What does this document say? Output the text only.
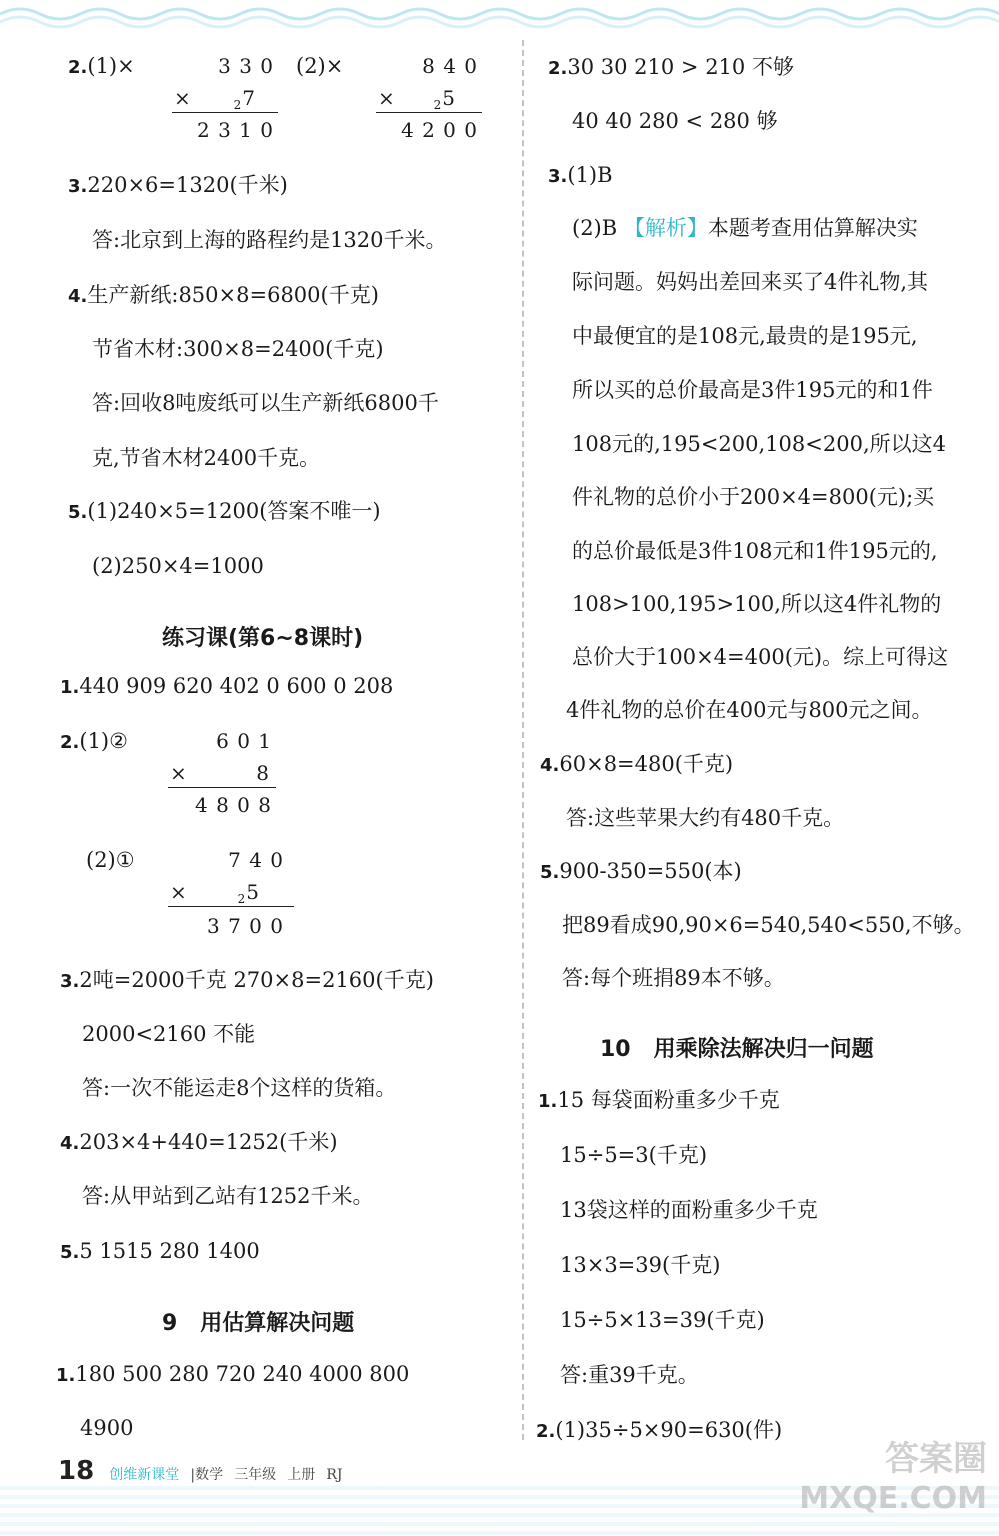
2.(1)×	3 3 0
×	$_2$7
2 3 1 0
(2)×	8 4 0
×	$_2$5
4 2 0 0
3.220×6=1320(千米)
答:北京到上海的路程约是1320千米。
4.生产新纸:850×8=6800(千克)
节省木材:300×8=2400(千克)
答:回收8吨废纸可以生产新纸6800千
克,节省木材2400千克。
5.(1)240×5=1200(答案不唯一)
(2)250×4=1000
练习课(第6~8课时)
1.440 909 620 402 0 600 0 208
2.(1)②	6 0 1
×	8
4 8 0 8
(2)①	7 4 0
×	$_2$5
3 7 0 0
3.2吨=2000千克 270×8=2160(千克)
2000<2160 不能
答:一次不能运走8个这样的货箱。
4.203×4+440=1252(千米)
答:从甲站到乙站有1252千米。
5.5 1515 280 1400
9 用估算解决问题
1.180 500 280 720 240 4000 800
4900
2.30 30 210 > 210 不够
40 40 280 < 280 够
3.(1)B
(2)B 【解析】本题考查用估算解决实
际问题。妈妈出差回来买了4件礼物,其
中最便宜的是108元,最贵的是195元,
所以买的总价最高是3件195元的和1件
108元的,195<200,108<200,所以这4
件礼物的总价小于200×4=800(元);买
的总价最低是3件108元和1件195元的,
108>100,195>100,所以这4件礼物的
总价大于100×4=400(元)。综上可得这
4件礼物的总价在400元与800元之间。
4.60×8=480(千克)
答:这些苹果大约有480千克。
5.900-350=550(本)
把89看成90,90×6=540,540<550,不够。
答:每个班捐89本不够。
10 用乘除法解决归一问题
1.15 每袋面粉重多少千克
15÷5=3(千克)
13袋这样的面粉重多少千克
13×3=39(千克)
15÷5×13=39(千克)
答:重39千克。
2.(1)35÷5×90=630(件)
18 创维新课堂 |数学 三年级 上册 RJ	答案圈
MXQE.COM
